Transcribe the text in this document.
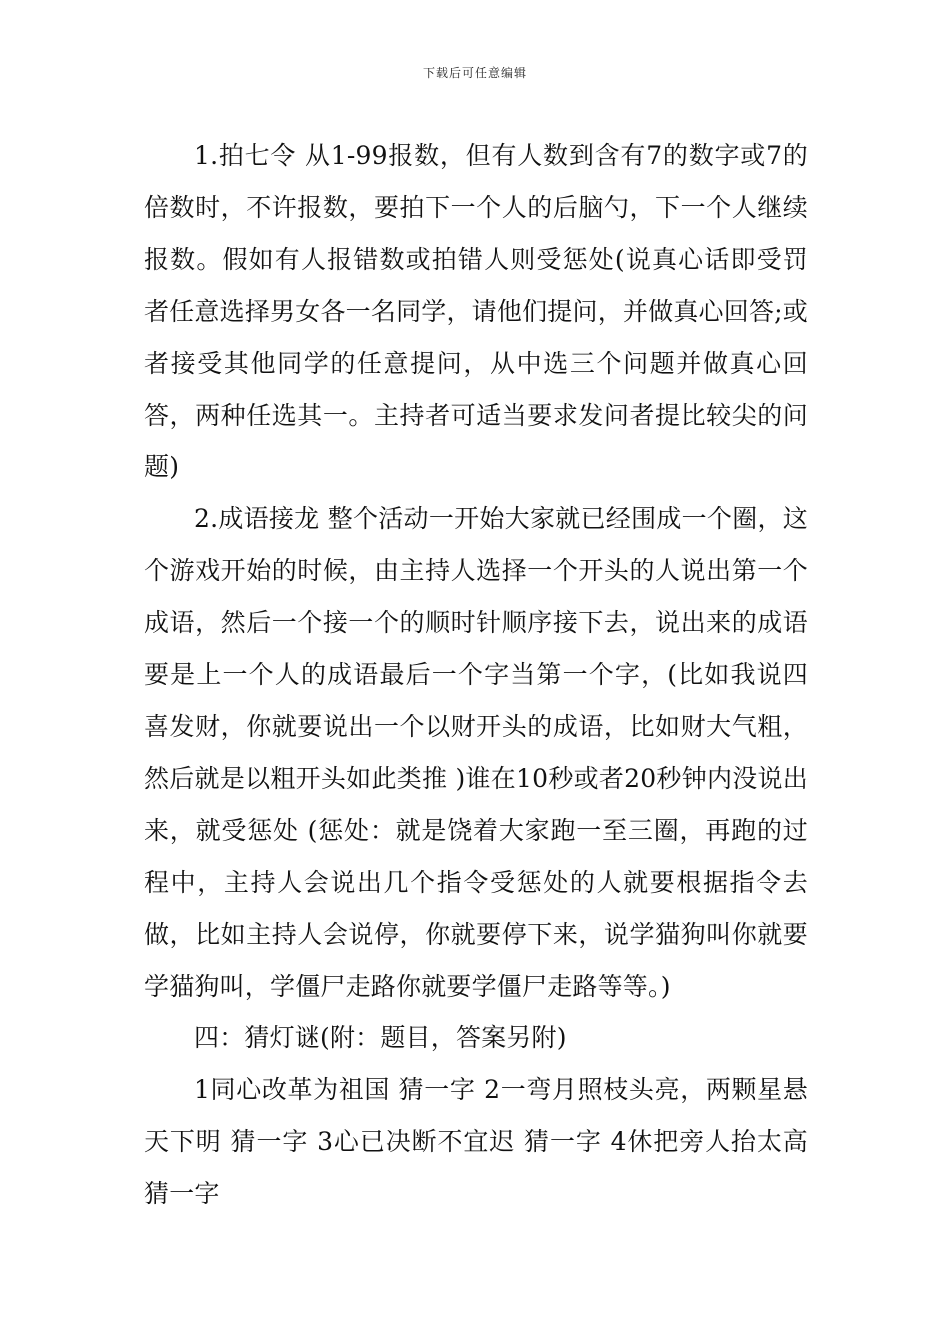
下载后可任意编辑

1.拍七令 从1-99报数，但有人数到含有7的数字或7的倍数时，不许报数，要拍下一个人的后脑勺，下一个人继续报数。假如有人报错数或拍错人则受惩处(说真心话即受罚者任意选择男女各一名同学，请他们提问，并做真心回答;或者接受其他同学的任意提问，从中选三个问题并做真心回答，两种任选其一。主持者可适当要求发问者提比较尖的问题)

2.成语接龙 整个活动一开始大家就已经围成一个圈，这个游戏开始的时候，由主持人选择一个开头的人说出第一个成语，然后一个接一个的顺时针顺序接下去，说出来的成语要是上一个人的成语最后一个字当第一个字，(比如我说四喜发财，你就要说出一个以财开头的成语，比如财大气粗，然后就是以粗开头如此类推 )谁在10秒或者20秒钟内没说出来，就受惩处 (惩处：就是饶着大家跑一至三圈，再跑的过程中，主持人会说出几个指令受惩处的人就要根据指令去做，比如主持人会说停，你就要停下来，说学猫狗叫你就要学猫狗叫，学僵尸走路你就要学僵尸走路等等。)

四：猜灯谜(附：题目，答案另附)

1同心改革为祖国 猜一字 2一弯月照枝头亮，两颗星悬天下明 猜一字 3心已决断不宜迟 猜一字 4休把旁人抬太高 猜一字
